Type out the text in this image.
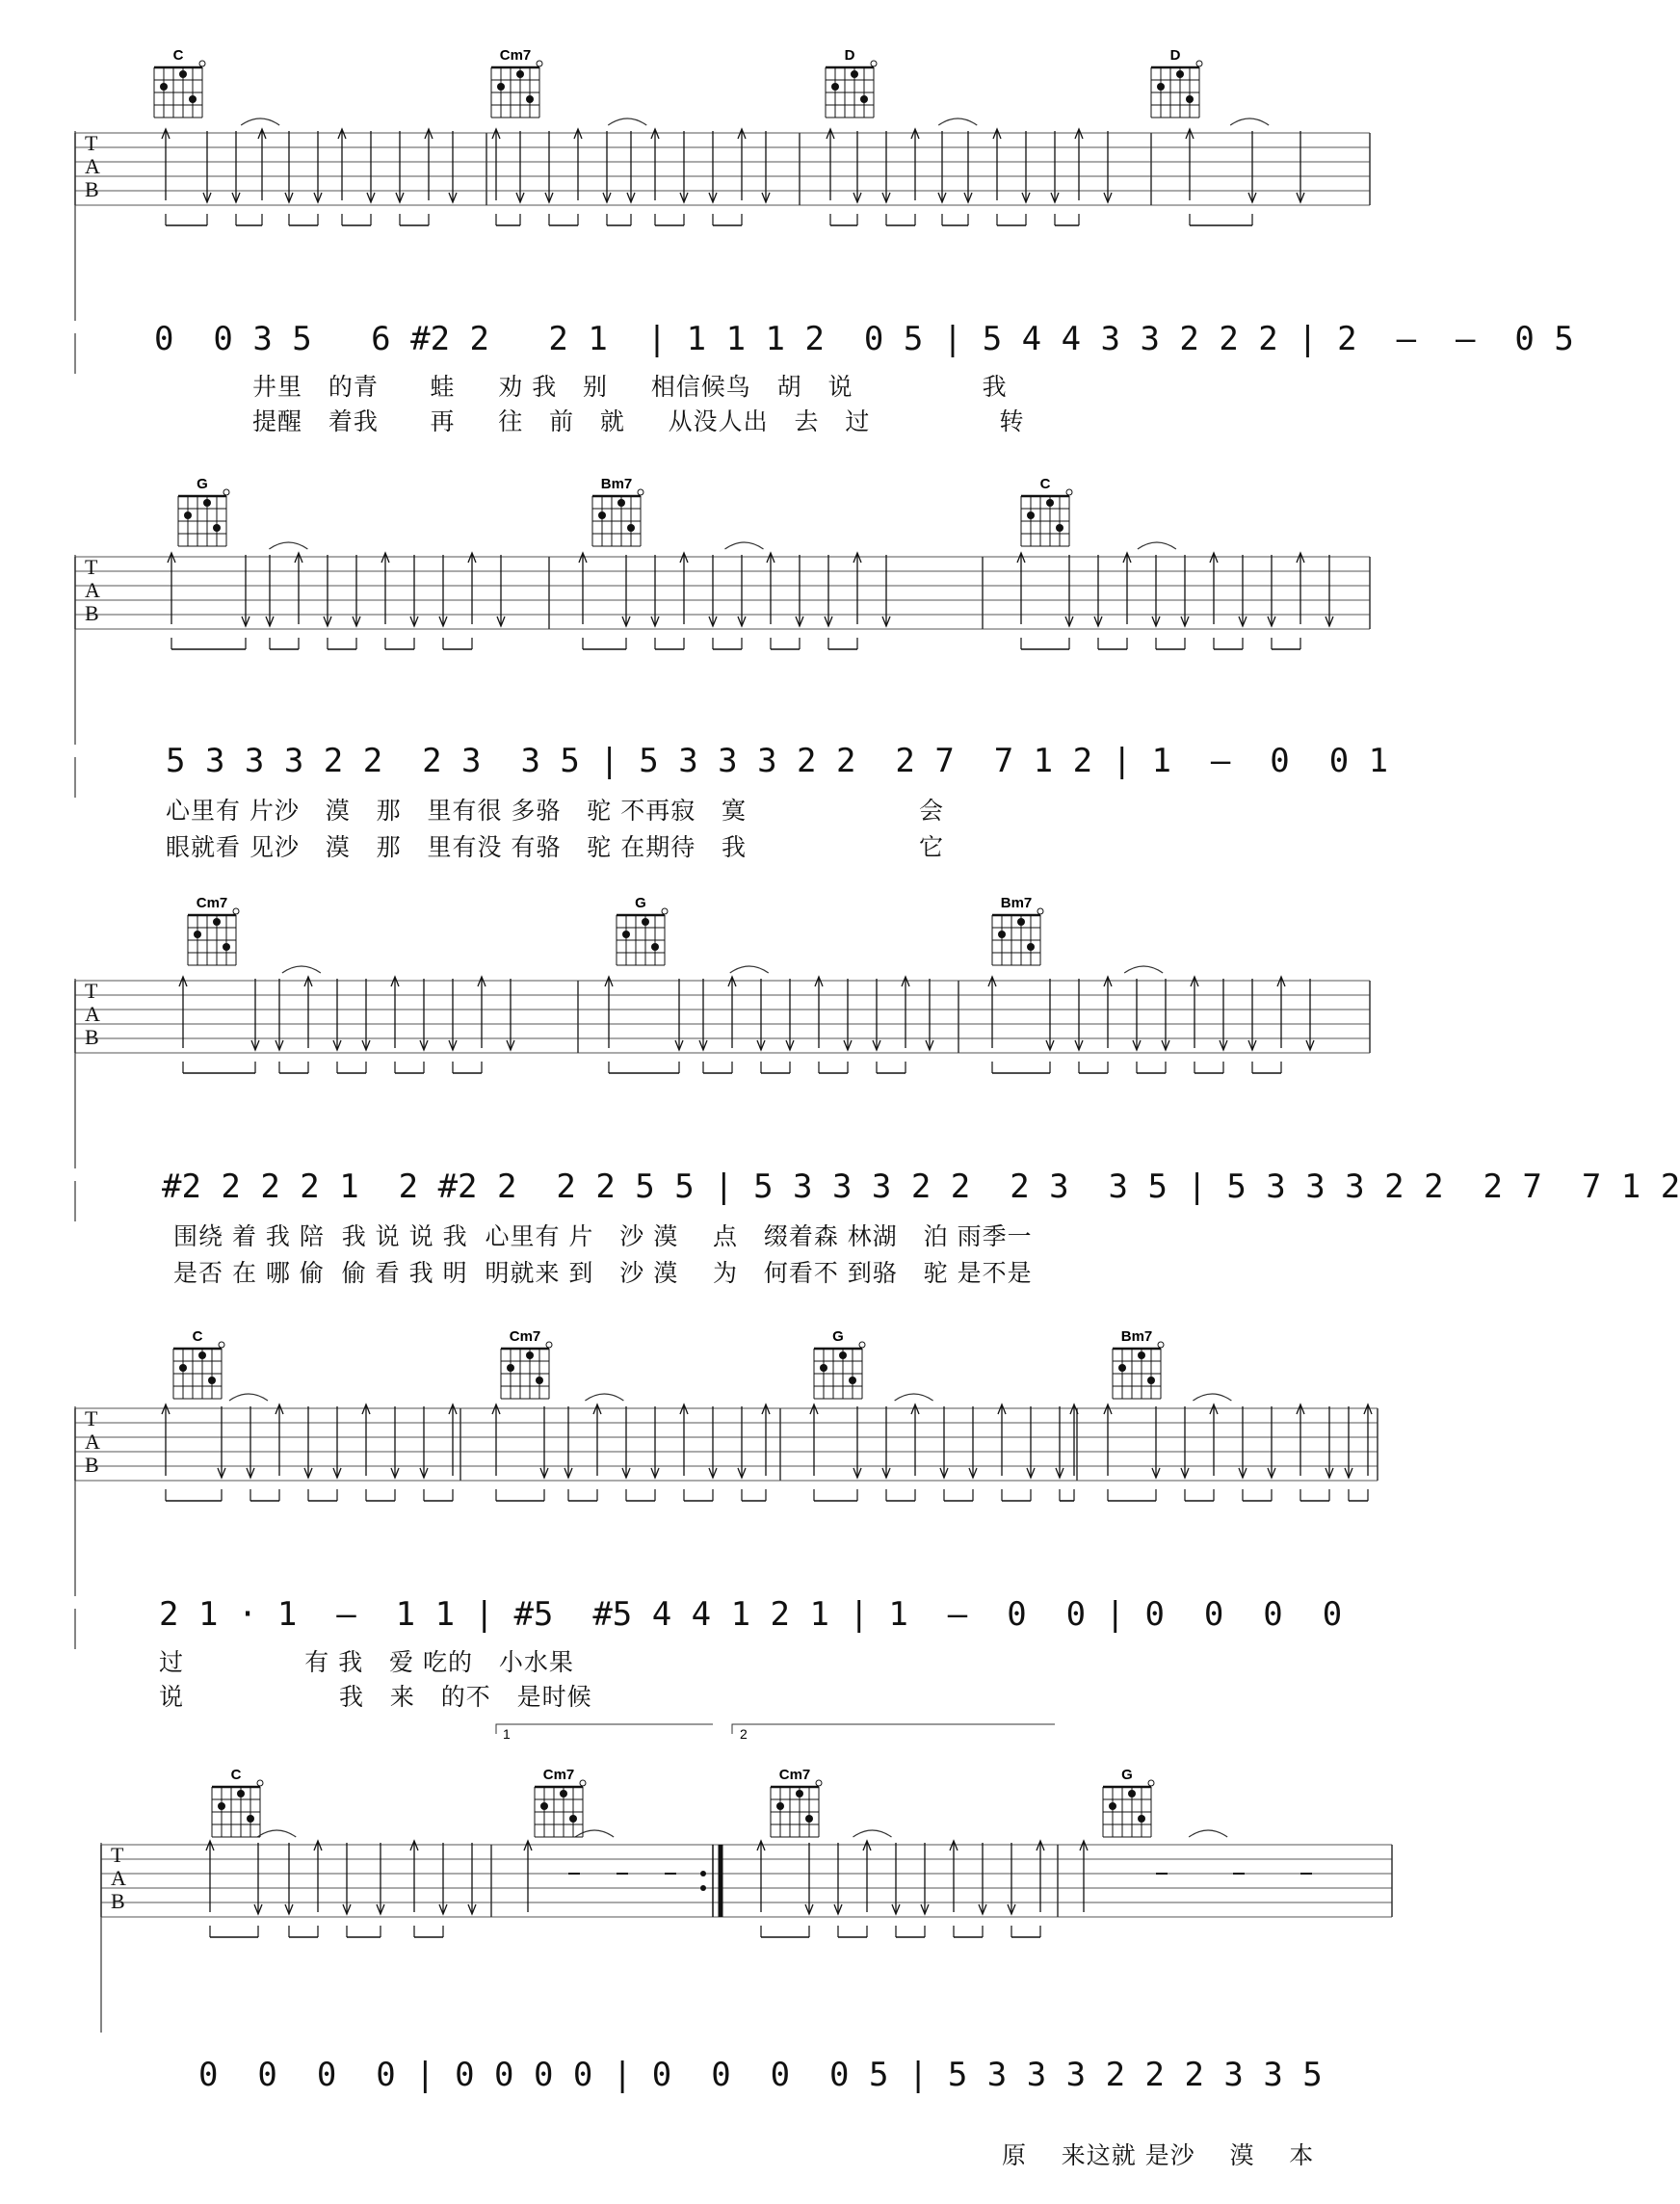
T
A
B
T
A
B
T
A
B
T
A
B
T
A
B
1	2
C	Cm7	D	D
G	Bm7	C
Cm7	G	Bm7
C	Cm7	G	Bm7
C	Cm7	Cm7	G
0  0 3 5   6 #2 2   2 1  | 1 1 1 2  0 5 | 5 4 4 3 3 2 2 2 | 2  –  –  0 5
井里   的青      蛙     劝 我   别     相信候鸟   胡   说               我
提醒   着我      再     往   前   就     从没人出   去   过               转
5 3 3 3 2 2  2 3  3 5 | 5 3 3 3 2 2  2 7  7 1 2 | 1  –  0  0 1
心里有 片沙   漠   那   里有很 多骆   驼 不再寂   寞                    会
眼就看 见沙   漠   那   里有没 有骆   驼 在期待   我                    它
#2 2 2 2 1  2 #2 2  2 2 5 5 | 5 3 3 3 2 2  2 3  3 5 | 5 3 3 3 2 2  2 7  7 1 2
围绕 着 我 陪  我 说 说 我  心里有 片   沙 漠    点   缀着森 林湖   泊 雨季一
是否 在 哪 偷  偷 看 我 明  明就来 到   沙 漠    为   何看不 到骆   驼 是不是
2 1 · 1  –  1 1 | #5  #5 4 4 1 2 1 | 1  –  0  0 | 0  0  0  0
过              有 我   爱 吃的   小水果
说                  我   来   的不   是时候
0  0  0  0 | 0 0 0 0 | 0  0  0  0 5 | 5 3 3 3 2 2 2 3 3 5
原    来这就 是沙    漠    本
